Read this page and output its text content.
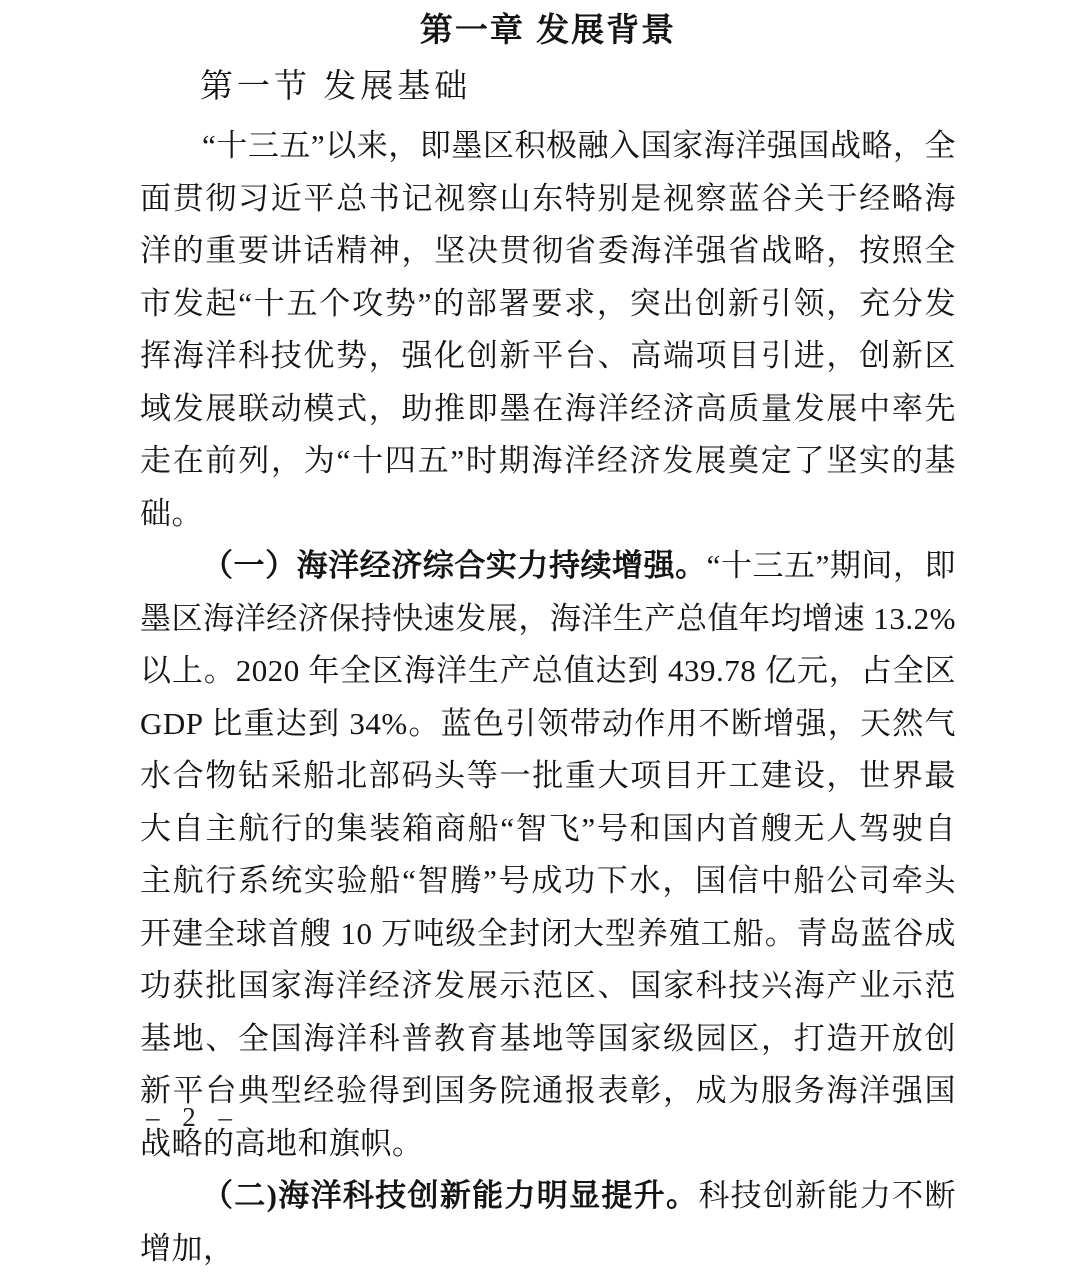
第一章 发展背景
第一节 发展基础

“十三五”以来，即墨区积极融入国家海洋强国战略，全面贯彻习近平总书记视察山东特别是视察蓝谷关于经略海洋的重要讲话精神，坚决贯彻省委海洋强省战略，按照全市发起“十五个攻势”的部署要求，突出创新引领，充分发挥海洋科技优势，强化创新平台、高端项目引进，创新区域发展联动模式，助推即墨在海洋经济高质量发展中率先走在前列，为“十四五”时期海洋经济发展奠定了坚实的基础。

（一）海洋经济综合实力持续增强。“十三五”期间，即墨区海洋经济保持快速发展，海洋生产总值年均增速 13.2%以上。2020 年全区海洋生产总值达到 439.78 亿元，占全区 GDP 比重达到 34%。蓝色引领带动作用不断增强，天然气水合物钻采船北部码头等一批重大项目开工建设，世界最大自主航行的集装箱商船“智飞”号和国内首艘无人驾驶自主航行系统实验船“智腾”号成功下水，国信中船公司牵头开建全球首艘 10 万吨级全封闭大型养殖工船。青岛蓝谷成功获批国家海洋经济发展示范区、国家科技兴海产业示范基地、全国海洋科普教育基地等国家级园区，打造开放创新平台典型经验得到国务院通报表彰，成为服务海洋强国战略的高地和旗帜。

（二)海洋科技创新能力明显提升。科技创新能力不断增加，

– 2 –
